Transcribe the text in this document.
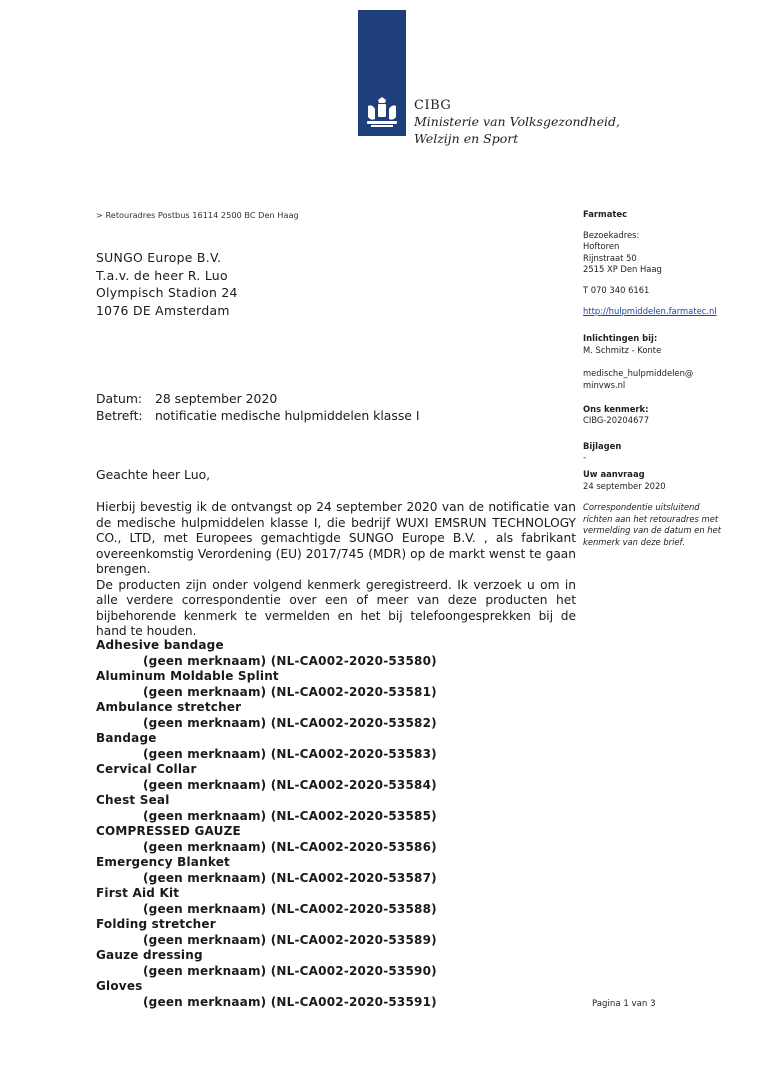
CIBG
Ministerie van Volksgezondheid,
Welzijn en Sport
> Retouradres Postbus 16114 2500 BC Den Haag
SUNGO Europe B.V.
T.a.v. de heer R. Luo
Olympisch Stadion 24
1076 DE Amsterdam
Farmatec
Bezoekadres:
Hoftoren
Rijnstraat 50
2515 XP Den Haag
T 070 340 6161
http://hulpmiddelen.farmatec.nl
Inlichtingen bij:
M. Schmitz - Konte
medische_hulpmiddelen@
minvws.nl
Ons kenmerk:
CIBG-20204677
Bijlagen
-
Uw aanvraag
24 september 2020
Correspondentie uitsluitend
richten aan het retouradres met
vermelding van de datum en het
kenmerk van deze brief.
Datum: 28 september 2020
Betreft: notificatie medische hulpmiddelen klasse I
Geachte heer Luo,

Hierbij bevestig ik de ontvangst op 24 september 2020 van de notificatie van de medische hulpmiddelen klasse I, die bedrijf WUXI EMSRUN TECHNOLOGY CO., LTD, met Europees gemachtigde SUNGO Europe B.V. , als fabrikant overeenkomstig Verordening (EU) 2017/745 (MDR) op de markt wenst te gaan brengen.

De producten zijn onder volgend kenmerk geregistreerd. Ik verzoek u om in alle verdere correspondentie over een of meer van deze producten het bijbehorende kenmerk te vermelden en het bij telefoongesprekken bij de hand te houden.

Adhesive bandage
(geen merknaam) (NL-CA002-2020-53580)
Aluminum Moldable Splint
(geen merknaam) (NL-CA002-2020-53581)
Ambulance stretcher
(geen merknaam) (NL-CA002-2020-53582)
Bandage
(geen merknaam) (NL-CA002-2020-53583)
Cervical Collar
(geen merknaam) (NL-CA002-2020-53584)
Chest Seal
(geen merknaam) (NL-CA002-2020-53585)
COMPRESSED GAUZE
(geen merknaam) (NL-CA002-2020-53586)
Emergency Blanket
(geen merknaam) (NL-CA002-2020-53587)
First Aid Kit
(geen merknaam) (NL-CA002-2020-53588)
Folding stretcher
(geen merknaam) (NL-CA002-2020-53589)
Gauze dressing
(geen merknaam) (NL-CA002-2020-53590)
Gloves
(geen merknaam) (NL-CA002-2020-53591)	Pagina 1 van 3
